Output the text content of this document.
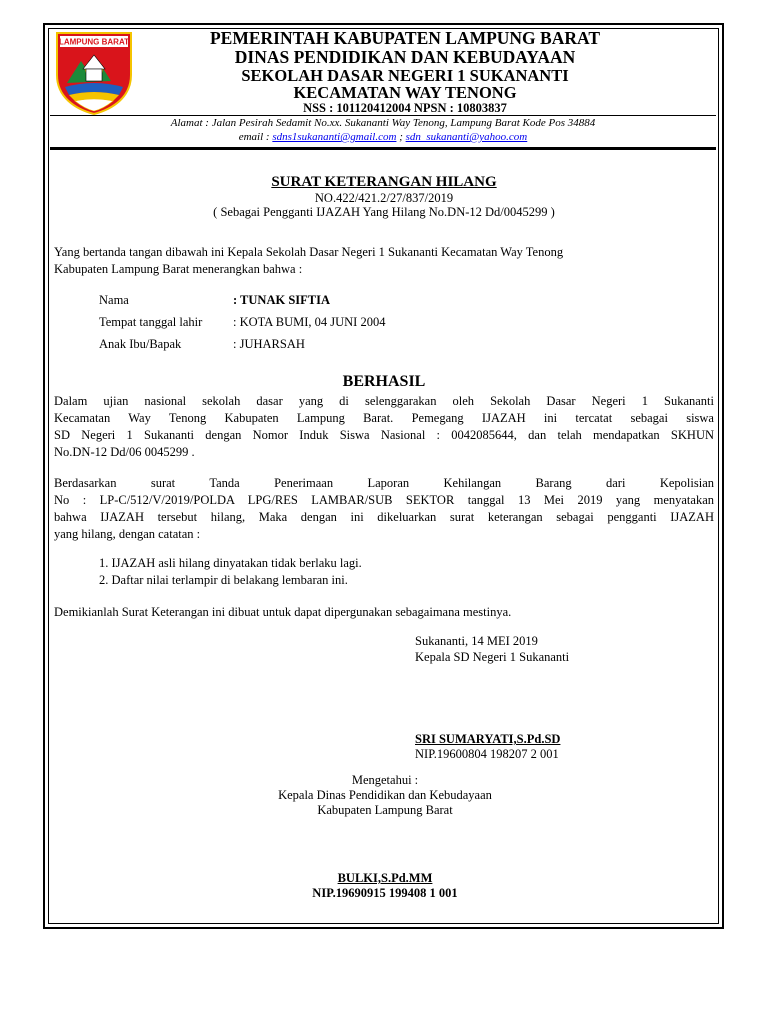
LAMPUNG BARAT	PEMERINTAH KABUPATEN LAMPUNG BARAT
DINAS PENDIDIKAN DAN KEBUDAYAAN
SEKOLAH DASAR NEGERI 1 SUKANANTI
KECAMATAN WAY TENONG
NSS : 101120412004 NPSN : 10803837
Alamat : Jalan Pesirah Sedamit No.xx. Sukananti Way Tenong, Lampung Barat Kode Pos 34884
email : sdns1sukananti@gmail.com ; sdn_sukananti@yahoo.com
SURAT KETERANGAN HILANG
NO.422/421.2/27/837/2019
( Sebagai Pengganti IJAZAH Yang Hilang No.DN-12 Dd/0045299 )
Yang bertanda tangan dibawah ini Kepala Sekolah Dasar Negeri 1 Sukananti Kecamatan Way Tenong
Kabupaten Lampung Barat menerangkan bahwa :
Nama	: TUNAK SIFTIA
Tempat tanggal lahir : KOTA BUMI, 04 JUNI 2004
Anak Ibu/Bapak	: JUHARSAH
BERHASIL
Dalam ujian nasional sekolah dasar yang di selenggarakan oleh Sekolah Dasar Negeri 1 Sukananti
Kecamatan Way Tenong Kabupaten Lampung Barat. Pemegang IJAZAH ini tercatat sebagai siswa
SD Negeri 1 Sukananti dengan Nomor Induk Siswa Nasional : 0042085644, dan telah mendapatkan SKHUN
No.DN-12 Dd/06 0045299 .
Berdasarkan surat Tanda Penerimaan Laporan Kehilangan Barang dari Kepolisian
No : LP-C/512/V/2019/POLDA LPG/RES LAMBAR/SUB SEKTOR tanggal 13 Mei 2019 yang menyatakan
bahwa IJAZAH tersebut hilang, Maka dengan ini dikeluarkan surat keterangan sebagai pengganti IJAZAH
yang hilang, dengan catatan :
1. IJAZAH asli hilang dinyatakan tidak berlaku lagi.
2. Daftar nilai terlampir di belakang lembaran ini.
Demikianlah Surat Keterangan ini dibuat untuk dapat dipergunakan sebagaimana mestinya.
Sukananti, 14 MEI 2019
Kepala SD Negeri 1 Sukananti
SRI SUMARYATI,S.Pd.SD
NIP.19600804 198207 2 001
Mengetahui :
Kepala Dinas Pendidikan dan Kebudayaan
Kabupaten Lampung Barat
BULKI,S.Pd.MM
NIP.19690915 199408 1 001
